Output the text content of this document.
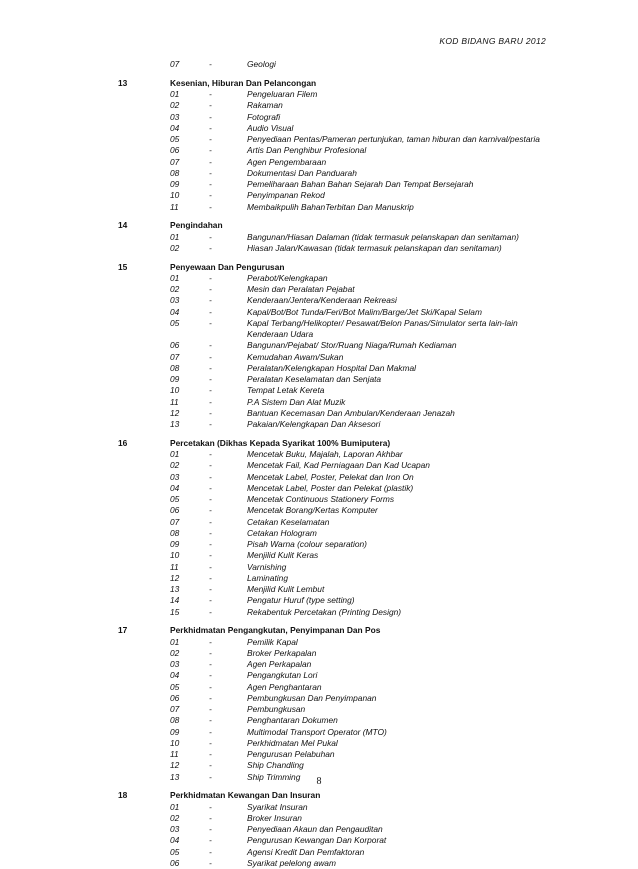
KOD BIDANG BARU 2012
07	-	Geologi
13	Kesenian, Hiburan Dan Pelancongan
01	-	Pengeluaran Filem
02	-	Rakaman
03	-	Fotografi
04	-	Audio Visual
05	-	Penyediaan Pentas/Pameran pertunjukan, taman hiburan dan karnival/pestaria
06	-	Artis Dan Penghibur Profesional
07	-	Agen Pengembaraan
08	-	Dokumentasi Dan Panduarah
09	-	Pemeliharaan Bahan Bahan Sejarah Dan Tempat Bersejarah
10	-	Penyimpanan Rekod
11	-	Membaikpulih BahanTerbitan Dan Manuskrip
14	Pengindahan
01	-	Bangunan/Hiasan Dalaman (tidak termasuk pelanskapan dan senitaman)
02	-	Hiasan Jalan/Kawasan (tidak termasuk pelanskapan dan senitaman)
15	Penyewaan Dan Pengurusan
01	-	Perabot/Kelengkapan
02	-	Mesin dan Peralatan Pejabat
03	-	Kenderaan/Jentera/Kenderaan Rekreasi
04	-	Kapal/Bot/Bot Tunda/Feri/Bot Malim/Barge/Jet Ski/Kapal Selam
05	-	Kapal Terbang/Helikopter/ Pesawat/Belon Panas/Simulator serta lain-lain Kenderaan Udara
06	-	Bangunan/Pejabat/ Stor/Ruang Niaga/Rumah Kediaman
07	-	Kemudahan Awam/Sukan
08	-	Peralatan/Kelengkapan Hospital Dan Makmal
09	-	Peralatan Keselamatan dan Senjata
10	-	Tempat Letak Kereta
11	-	P.A Sistem Dan Alat Muzik
12	-	Bantuan Kecemasan Dan Ambulan/Kenderaan Jenazah
13	-	Pakaian/Kelengkapan Dan Aksesori
16	Percetakan (Dikhas Kepada Syarikat 100% Bumiputera)
01	-	Mencetak Buku, Majalah, Laporan Akhbar
02	-	Mencetak Fail, Kad Perniagaan Dan Kad Ucapan
03	-	Mencetak Label, Poster, Pelekat dan Iron On
04	-	Mencetak Label, Poster dan Pelekat (plastik)
05	-	Mencetak Continuous Stationery Forms
06	-	Mencetak Borang/Kertas Komputer
07	-	Cetakan Keselamatan
08	-	Cetakan Hologram
09	-	Pisah Warna (colour separation)
10	-	Menjilid Kulit Keras
11	-	Varnishing
12	-	Laminating
13	-	Menjilid Kulit Lembut
14	-	Pengatur Huruf (type setting)
15	-	Rekabentuk Percetakan (Printing Design)
17	Perkhidmatan Pengangkutan, Penyimpanan Dan Pos
01	-	Pemilik Kapal
02	-	Broker Perkapalan
03	-	Agen Perkapalan
04	-	Pengangkutan Lori
05	-	Agen Penghantaran
06	-	Pembungkusan Dan Penyimpanan
07	-	Pembungkusan
08	-	Penghantaran Dokumen
09	-	Multimodal Transport Operator (MTO)
10	-	Perkhidmatan Mel Pukal
11	-	Pengurusan Pelabuhan
12	-	Ship Chandling
13	-	Ship Trimming
18	Perkhidmatan Kewangan Dan Insuran
01	-	Syarikat Insuran
02	-	Broker Insuran
03	-	Penyediaan Akaun dan Pengauditan
04	-	Pengurusan Kewangan Dan Korporat
05	-	Agensi Kredit Dan Pemfaktoran
06	-	Syarikat pelelong awam
8
